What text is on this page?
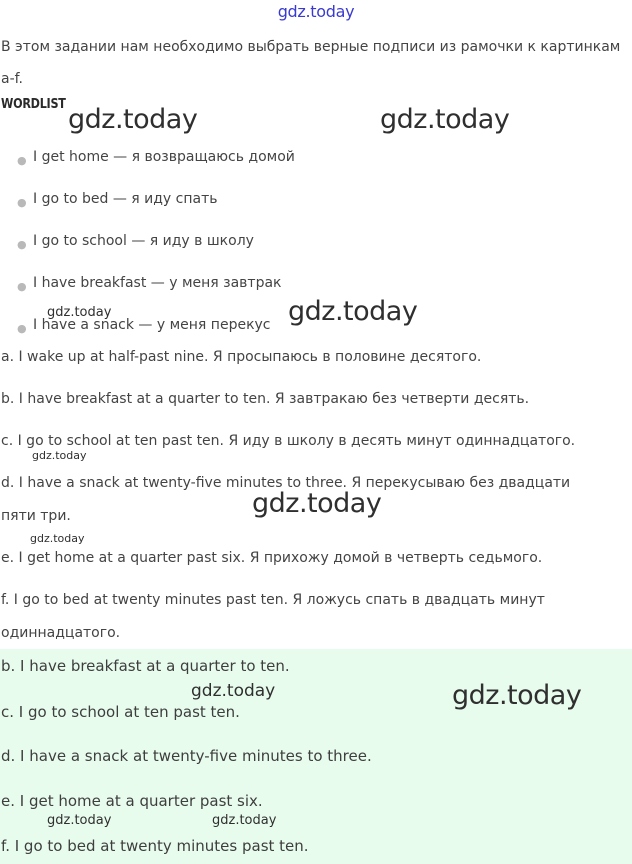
gdz.today
В этом задании нам необходимо выбрать верные подписи из рамочки к картинкам a-f.
WORDLIST
● I get home — я возвращаюсь домой
● I go to bed — я иду спать
● I go to school — я иду в школу
● I have breakfast — у меня завтрак
● I have a snack — у меня перекус
a. I wake up at half-past nine. Я просыпаюсь в половине десятого.
b. I have breakfast at a quarter to ten. Я завтракаю без четверти десять.
c. I go to school at ten past ten. Я иду в школу в десять минут одиннадцатого.
d. I have a snack at twenty-five minutes to three. Я перекусываю без двадцати
пяти три.
e. I get home at a quarter past six. Я прихожу домой в четверть седьмого.
f. I go to bed at twenty minutes past ten. Я ложусь спать в двадцать минут
одиннадцатого.
b. I have breakfast at a quarter to ten.
c. I go to school at ten past ten.
d. I have a snack at twenty-five minutes to three.
e. I get home at a quarter past six.
f. I go to bed at twenty minutes past ten.
gdz.today	gdz.today
gdz.today	gdz.today
gdz.today
gdz.today
gdz.today
gdz.today	gdz.today
gdz.today	gdz.today
